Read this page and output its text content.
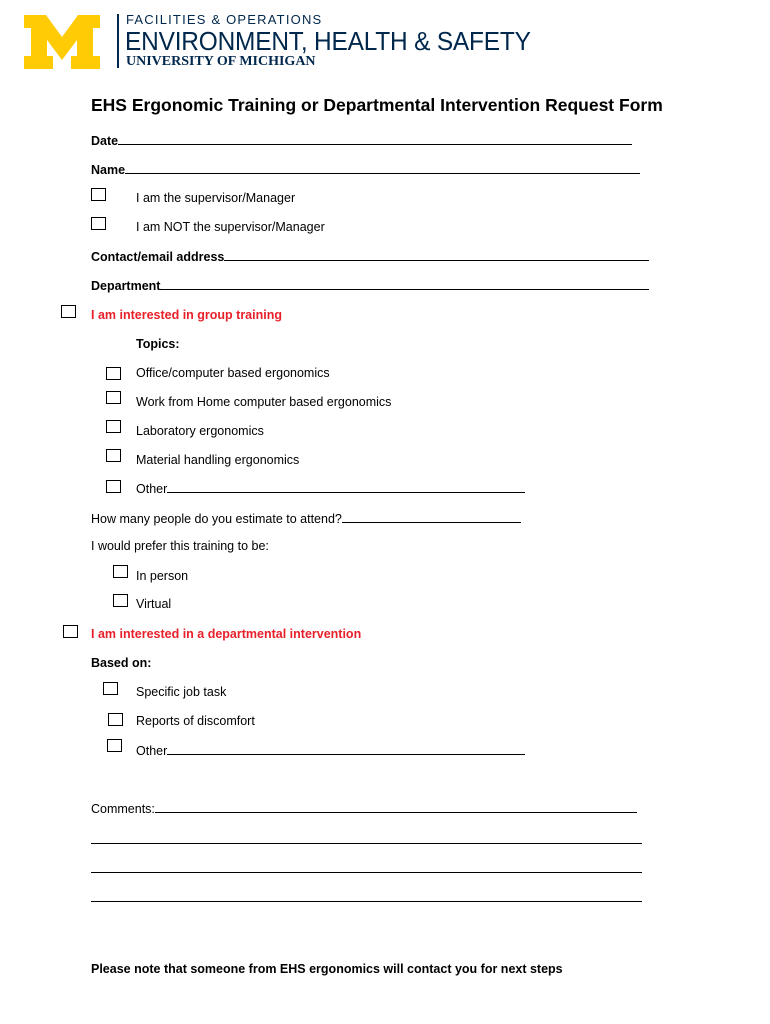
FACILITIES & OPERATIONS
ENVIRONMENT, HEALTH & SAFETY
UNIVERSITY OF MICHIGAN
EHS Ergonomic Training or Departmental Intervention Request Form
Date
Name
I am the supervisor/Manager
I am NOT the supervisor/Manager
Contact/email address
Department
I am interested in group training
Topics:
Office/computer based ergonomics
Work from Home computer based ergonomics
Laboratory ergonomics
Material handling ergonomics
Other
How many people do you estimate to attend?
I would prefer this training to be:
In person
Virtual
I am interested in a departmental intervention
Based on:
Specific job task
Reports of discomfort
Other
Comments:
Please note that someone from EHS ergonomics will contact you for next steps
